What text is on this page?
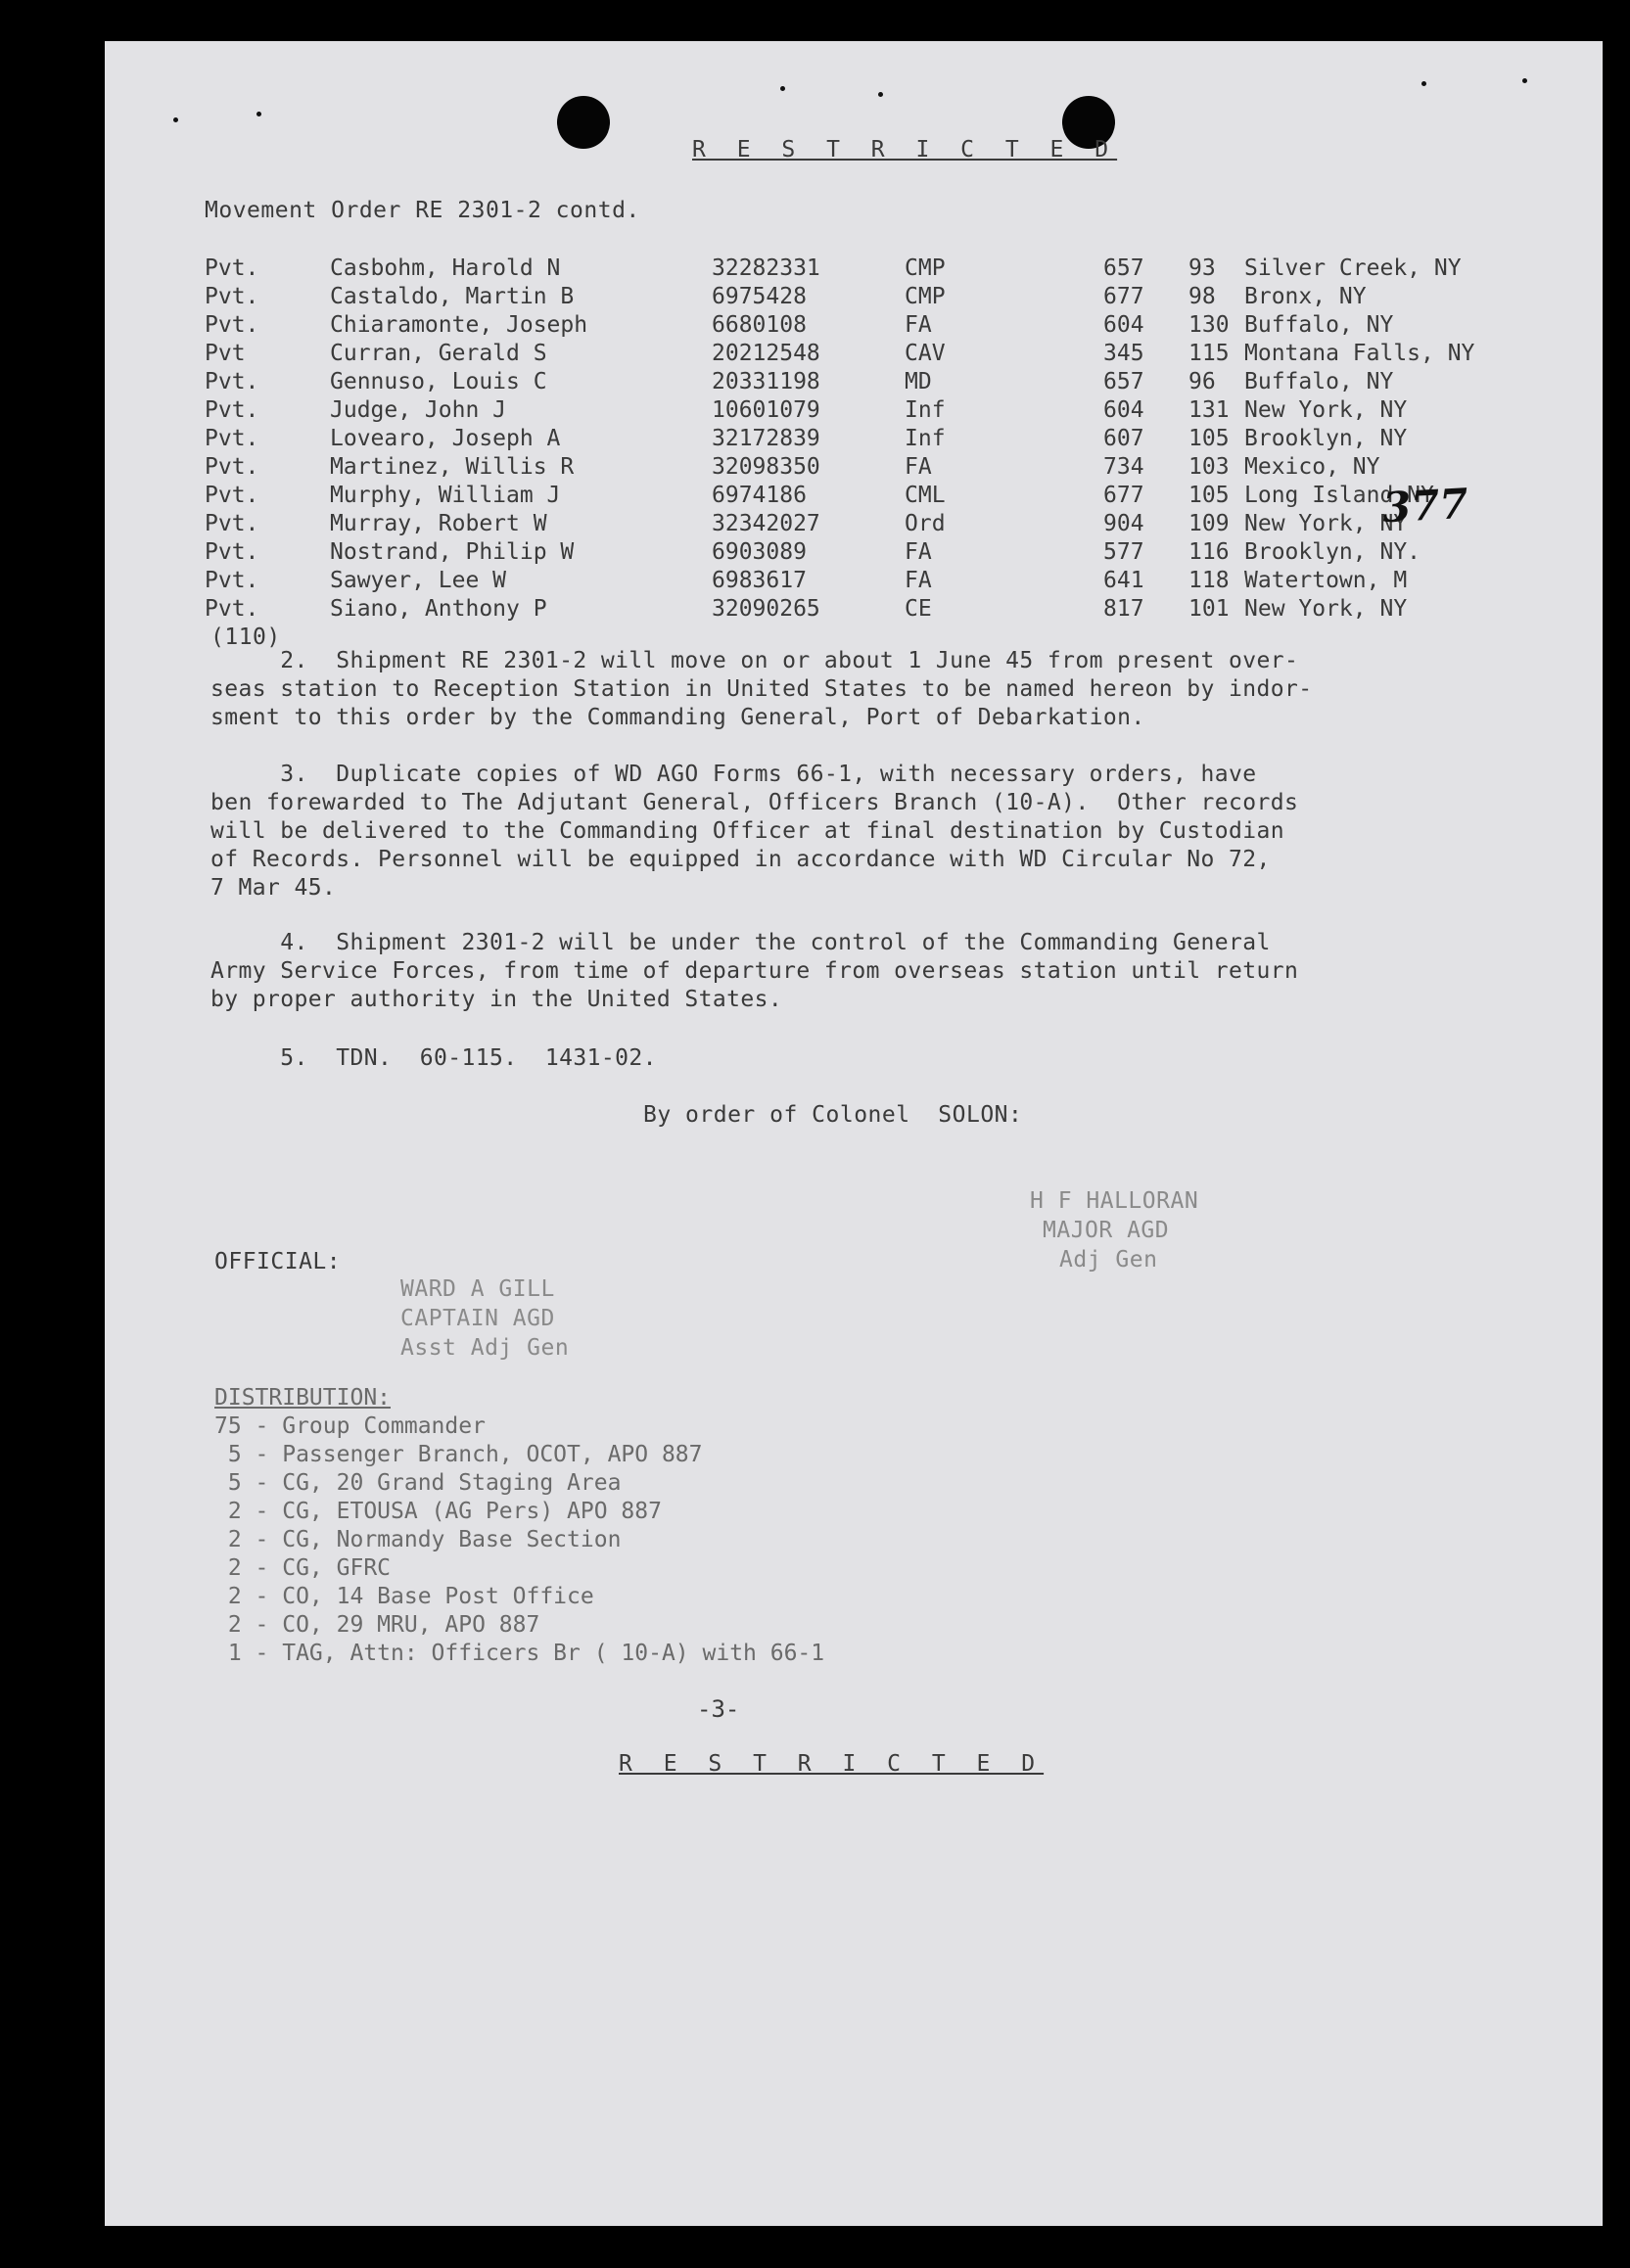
R E S T R I C T E D
Movement Order RE 2301-2 contd.
Pvt.	Casbohm, Harold N	32282331	CMP	657 93 Silver Creek, NY
Pvt.	Castaldo, Martin B	6975428	CMP	677 98 Bronx, NY
Pvt.	Chiaramonte, Joseph	6680108	FA	604 130 Buffalo, NY
Pvt	Curran, Gerald S	20212548	CAV	345 115 Montana Falls, NY
Pvt.	Gennuso, Louis C	20331198	MD	657 96 Buffalo, NY
Pvt.	Judge, John J	10601079	Inf	604 131 New York, NY
Pvt.	Lovearo, Joseph A	32172839	Inf	607 105 Brooklyn, NY
Pvt.	Martinez, Willis R	32098350	FA	734 103 Mexico, NY
Pvt.	Murphy, William J	6974186	CML	677 105 Long Island NY
Pvt.	Murray, Robert W	32342027	Ord	904 109 New York, NY
Pvt.	Nostrand, Philip W	6903089	FA	577 116 Brooklyn, NY.
Pvt.	Sawyer, Lee W	6983617	FA	641 118 Watertown, M
Pvt.	Siano, Anthony P	32090265	CE	817 101 New York, NY
(110)
2.  Shipment RE 2301-2 will move on or about 1 June 45 from present over-
seas station to Reception Station in United States to be named hereon by indor-
sment to this order by the Commanding General, Port of Debarkation.
3.  Duplicate copies of WD AGO Forms 66-1, with necessary orders, have
ben forewarded to The Adjutant General, Officers Branch (10-A).  Other records
will be delivered to the Commanding Officer at final destination by Custodian
of Records. Personnel will be equipped in accordance with WD Circular No 72,
7 Mar 45.
4.  Shipment 2301-2 will be under the control of the Commanding General
Army Service Forces, from time of departure from overseas station until return
by proper authority in the United States.
5.  TDN.  60-115.  1431-02.
By order of Colonel  SOLON:
H F HALLORAN
MAJOR AGD
Adj Gen
OFFICIAL:
WARD A GILL
CAPTAIN AGD
Asst Adj Gen
DISTRIBUTION:
75 - Group Commander
5 - Passenger Branch, OCOT, APO 887
5 - CG, 20 Grand Staging Area
2 - CG, ETOUSA (AG Pers) APO 887
2 - CG, Normandy Base Section
2 - CG, GFRC
2 - CO, 14 Base Post Office
2 - CO, 29 MRU, APO 887
1 - TAG, Attn: Officers Br ( 10-A) with 66-1
-3-
R E S T R I C T E D
377
